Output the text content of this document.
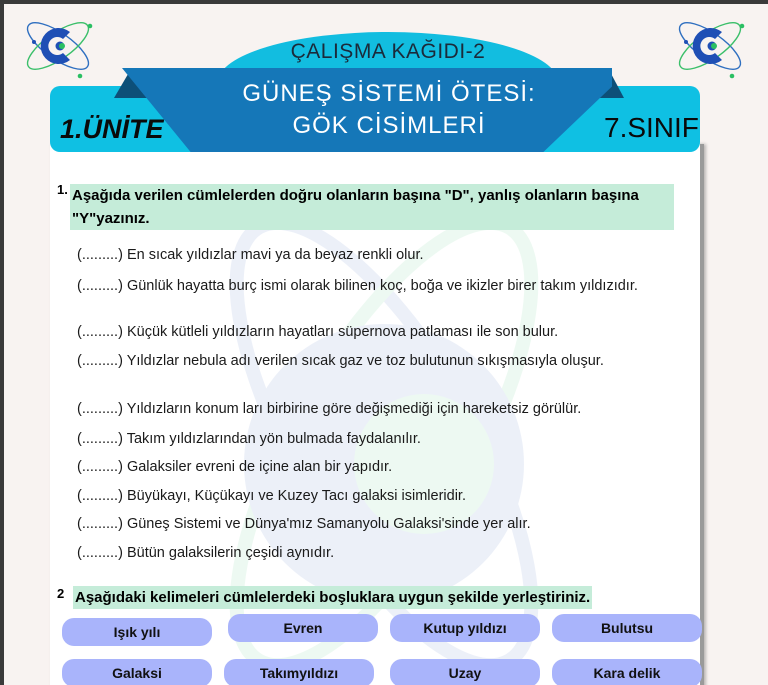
ÇALIŞMA KAĞIDI-2
GÜNEŞ SİSTEMİ ÖTESİ:
GÖK CİSİMLERİ
1.ÜNİTE	7.SINIF
1. Aşağıda verilen cümlelerden doğru olanların başına "D", yanlış olanların başına "Y"yazınız.
(.........) En sıcak yıldızlar mavi ya da beyaz renkli olur.
(.........) Günlük hayatta burç ismi olarak bilinen koç, boğa ve ikizler birer takım yıldızıdır.
(.........) Küçük kütleli yıldızların hayatları süpernova patlaması ile son bulur.
(.........) Yıldızlar nebula adı verilen sıcak gaz ve toz bulutunun sıkışmasıyla oluşur.
(.........) Yıldızların konum ları birbirine göre değişmediği için hareketsiz görülür.
(.........) Takım yıldızlarından yön bulmada faydalanılır.
(.........) Galaksiler evreni de içine alan bir yapıdır.
(.........) Büyükayı, Küçükayı ve Kuzey Tacı galaksi isimleridir.
(.........) Güneş Sistemi ve Dünya'mız Samanyolu Galaksi'sinde yer alır.
(.........) Bütün galaksilerin çeşidi aynıdır.
2 Aşağıdaki kelimeleri cümlelerdeki boşluklara uygun şekilde yerleştiriniz.
Işık yılı	Evren	Kutup yıldızı	Bulutsu
Galaksi	Takımyıldızı	Uzay	Kara delik
